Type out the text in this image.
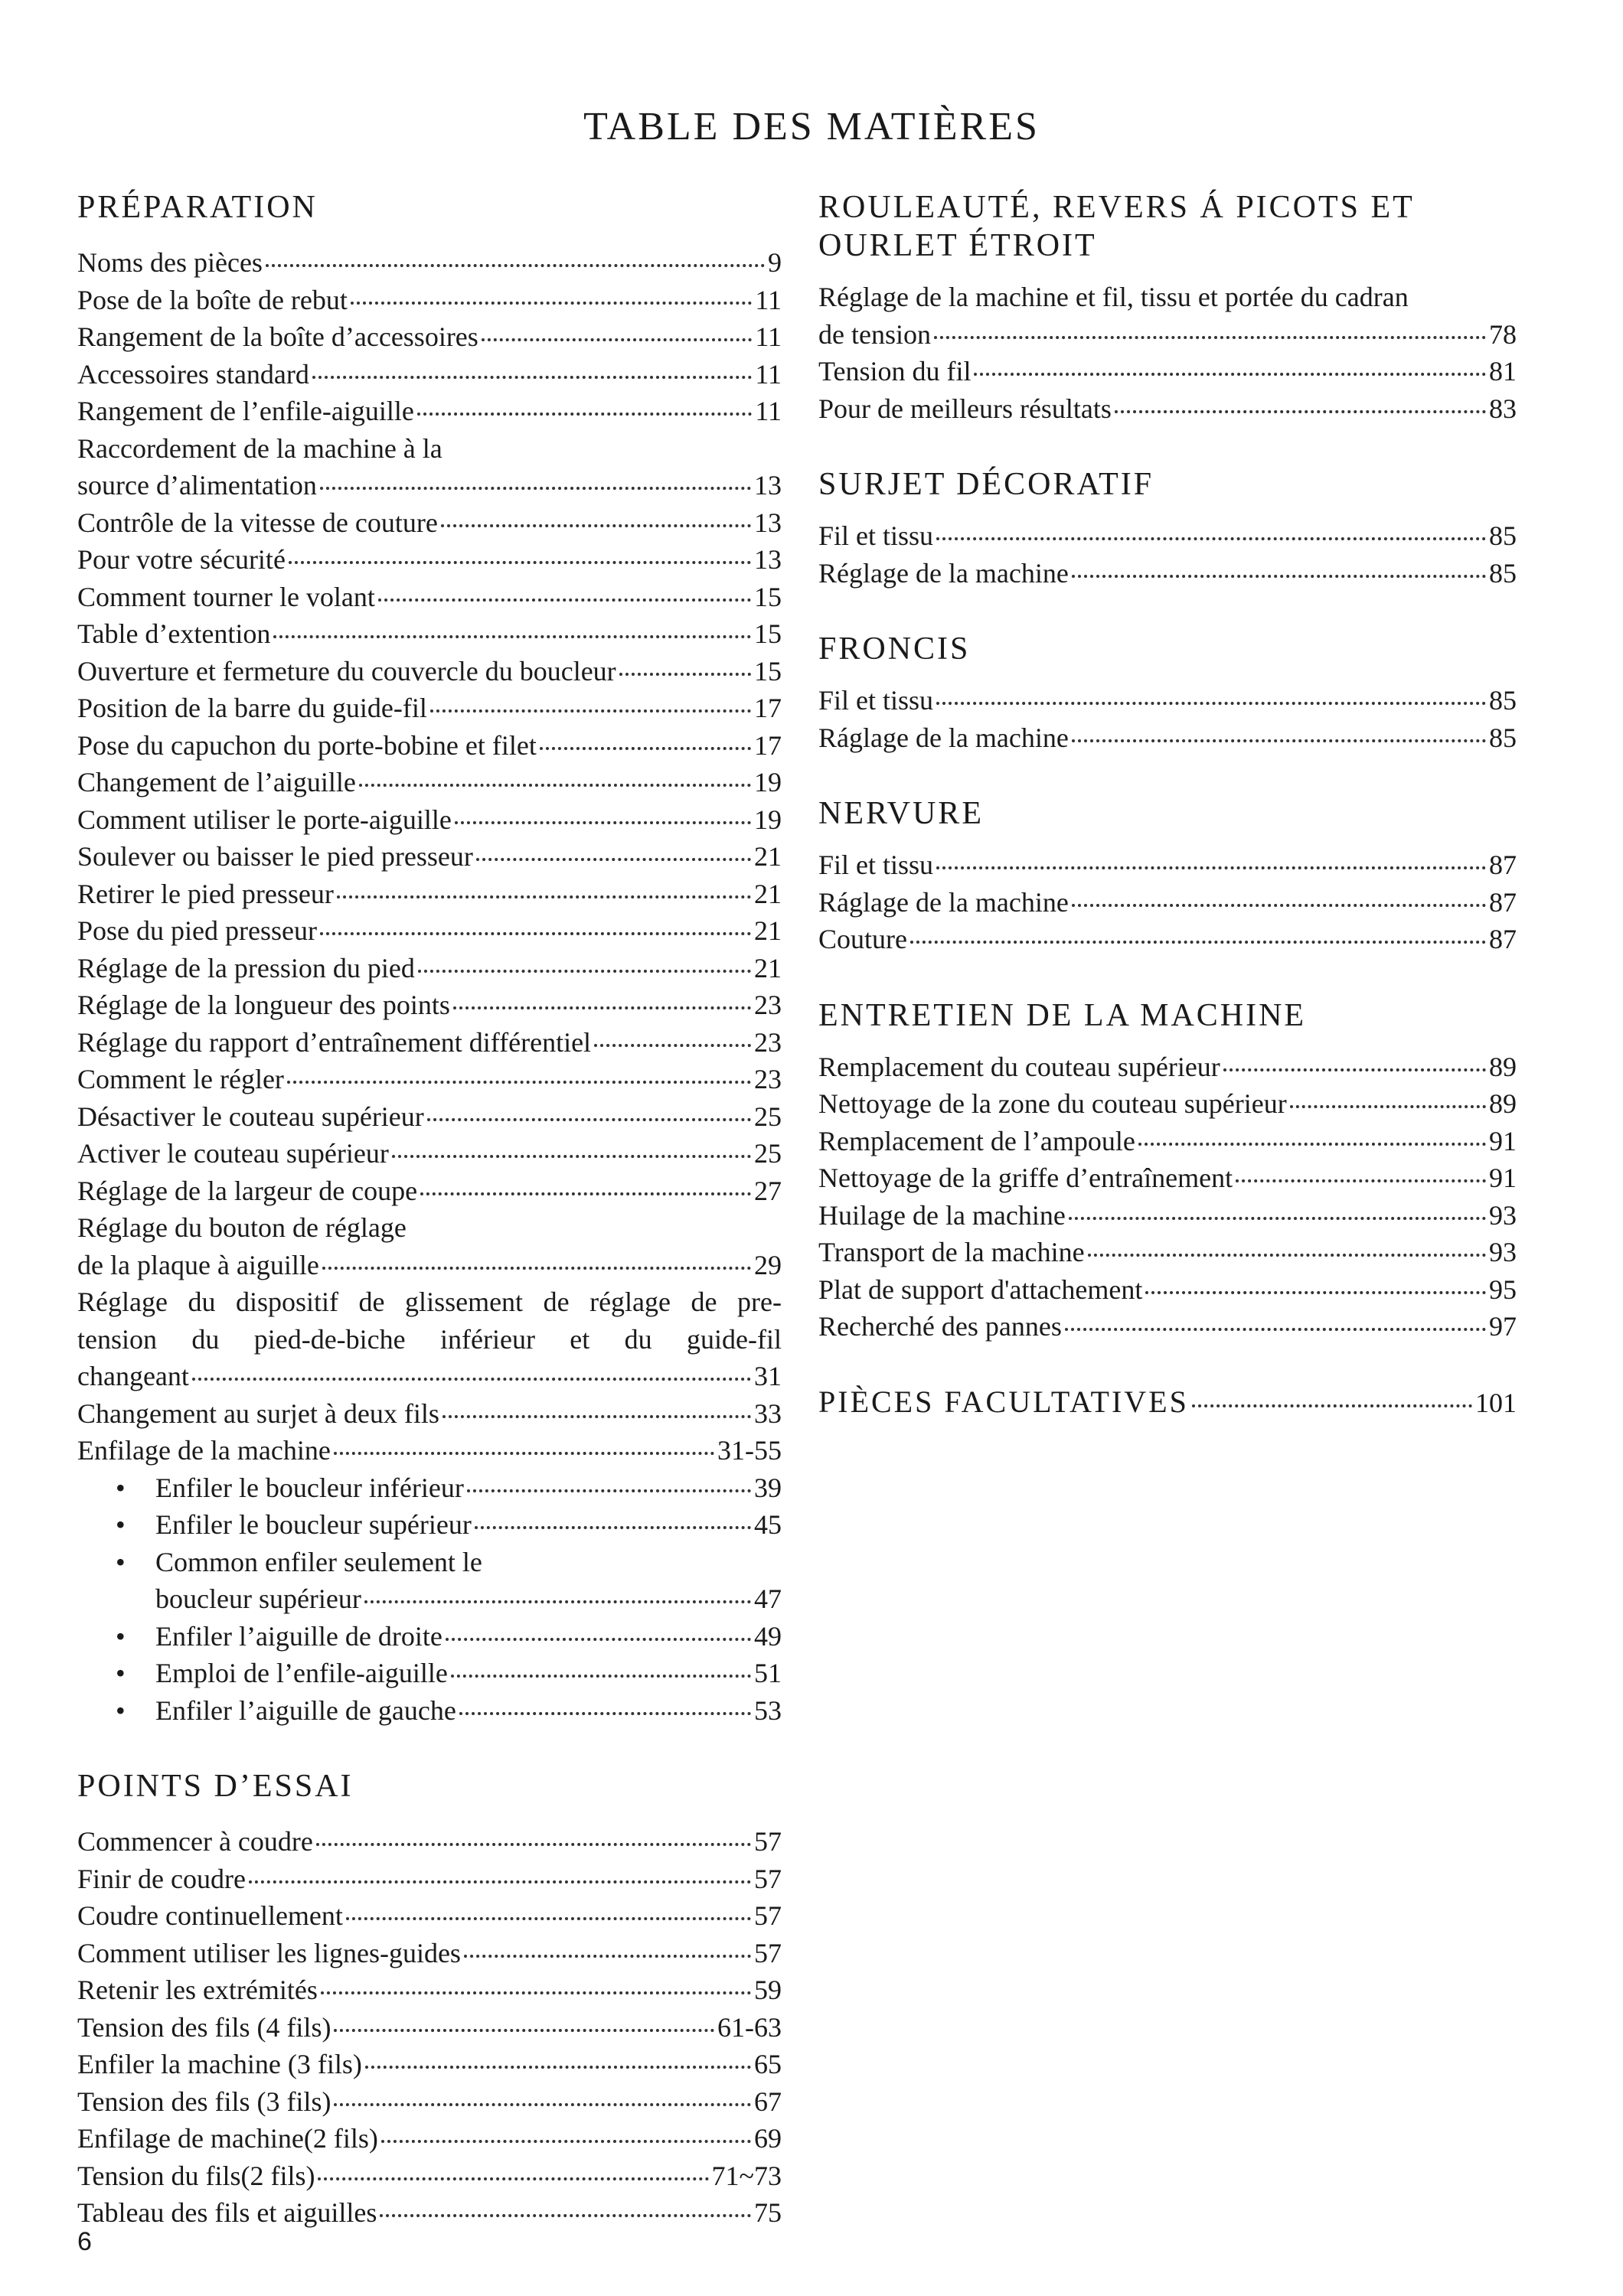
TABLE DES MATIÈRES
PRÉPARATION
Noms des pièces	9
Pose de la boîte de rebut	11
Rangement de la boîte d’accessoires	11
Accessoires standard	11
Rangement de l’enfile-aiguille	11
Raccordement de la machine à la
source d’alimentation	13
Contrôle de la vitesse de couture	13
Pour votre sécurité	13
Comment tourner le volant	15
Table d’extention	15
Ouverture et fermeture du couvercle du boucleur	15
Position de la barre du guide-fil	17
Pose du capuchon du porte-bobine et filet	17
Changement de l’aiguille	19
Comment utiliser le porte-aiguille	19
Soulever ou baisser le pied presseur	21
Retirer le pied presseur	21
Pose du pied presseur	21
Réglage de la pression du pied	21
Réglage de la longueur des points	23
Réglage du rapport d’entraînement différentiel	23
Comment le régler	23
Désactiver le couteau supérieur	25
Activer le couteau supérieur	25
Réglage de la largeur de coupe	27
Réglage du bouton de réglage
de la plaque à aiguille	29
Réglage du dispositif de glissement de réglage de pre-
tension du pied-de-biche inférieur et du guide-fil
changeant	31
Changement au surjet à deux fils	33
Enfilage de la machine	31-55
•	Enfiler le boucleur inférieur	39
•	Enfiler le boucleur supérieur	45
• Common enfiler seulement le
boucleur supérieur	47
•	Enfiler l’aiguille de droite	49
•	Emploi de l’enfile-aiguille	51
•	Enfiler l’aiguille de gauche	53
POINTS D’ESSAI
Commencer à coudre	57
Finir de coudre	57
Coudre continuellement	57
Comment utiliser les lignes-guides	57
Retenir les extrémités	59
Tension des fils (4 fils)	61-63
Enfiler la machine (3 fils)	65
Tension des fils (3 fils)	67
Enfilage de machine(2 fils)	69
Tension du fils(2 fils)	71~73
Tableau des fils et aiguilles	75
ROULEAUTÉ, REVERS Á PICOTS ET
OURLET ÉTROIT
Réglage de la machine et fil, tissu et portée du cadran
de tension	78
Tension du fil	81
Pour de meilleurs résultats	83
SURJET DÉCORATIF
Fil et tissu	85
Réglage de la machine	85
FRONCIS
Fil et tissu	85
Ráglage de la machine	85
NERVURE
Fil et tissu	87
Ráglage de la machine	87
Couture	87
ENTRETIEN DE LA MACHINE
Remplacement du couteau supérieur	89
Nettoyage de la zone du couteau supérieur	89
Remplacement de l’ampoule	91
Nettoyage de la griffe d’entraînement	91
Huilage de la machine	93
Transport de la machine	93
Plat de support d'attachement	95
Recherché des pannes	97
PIÈCES FACULTATIVES	101
6
